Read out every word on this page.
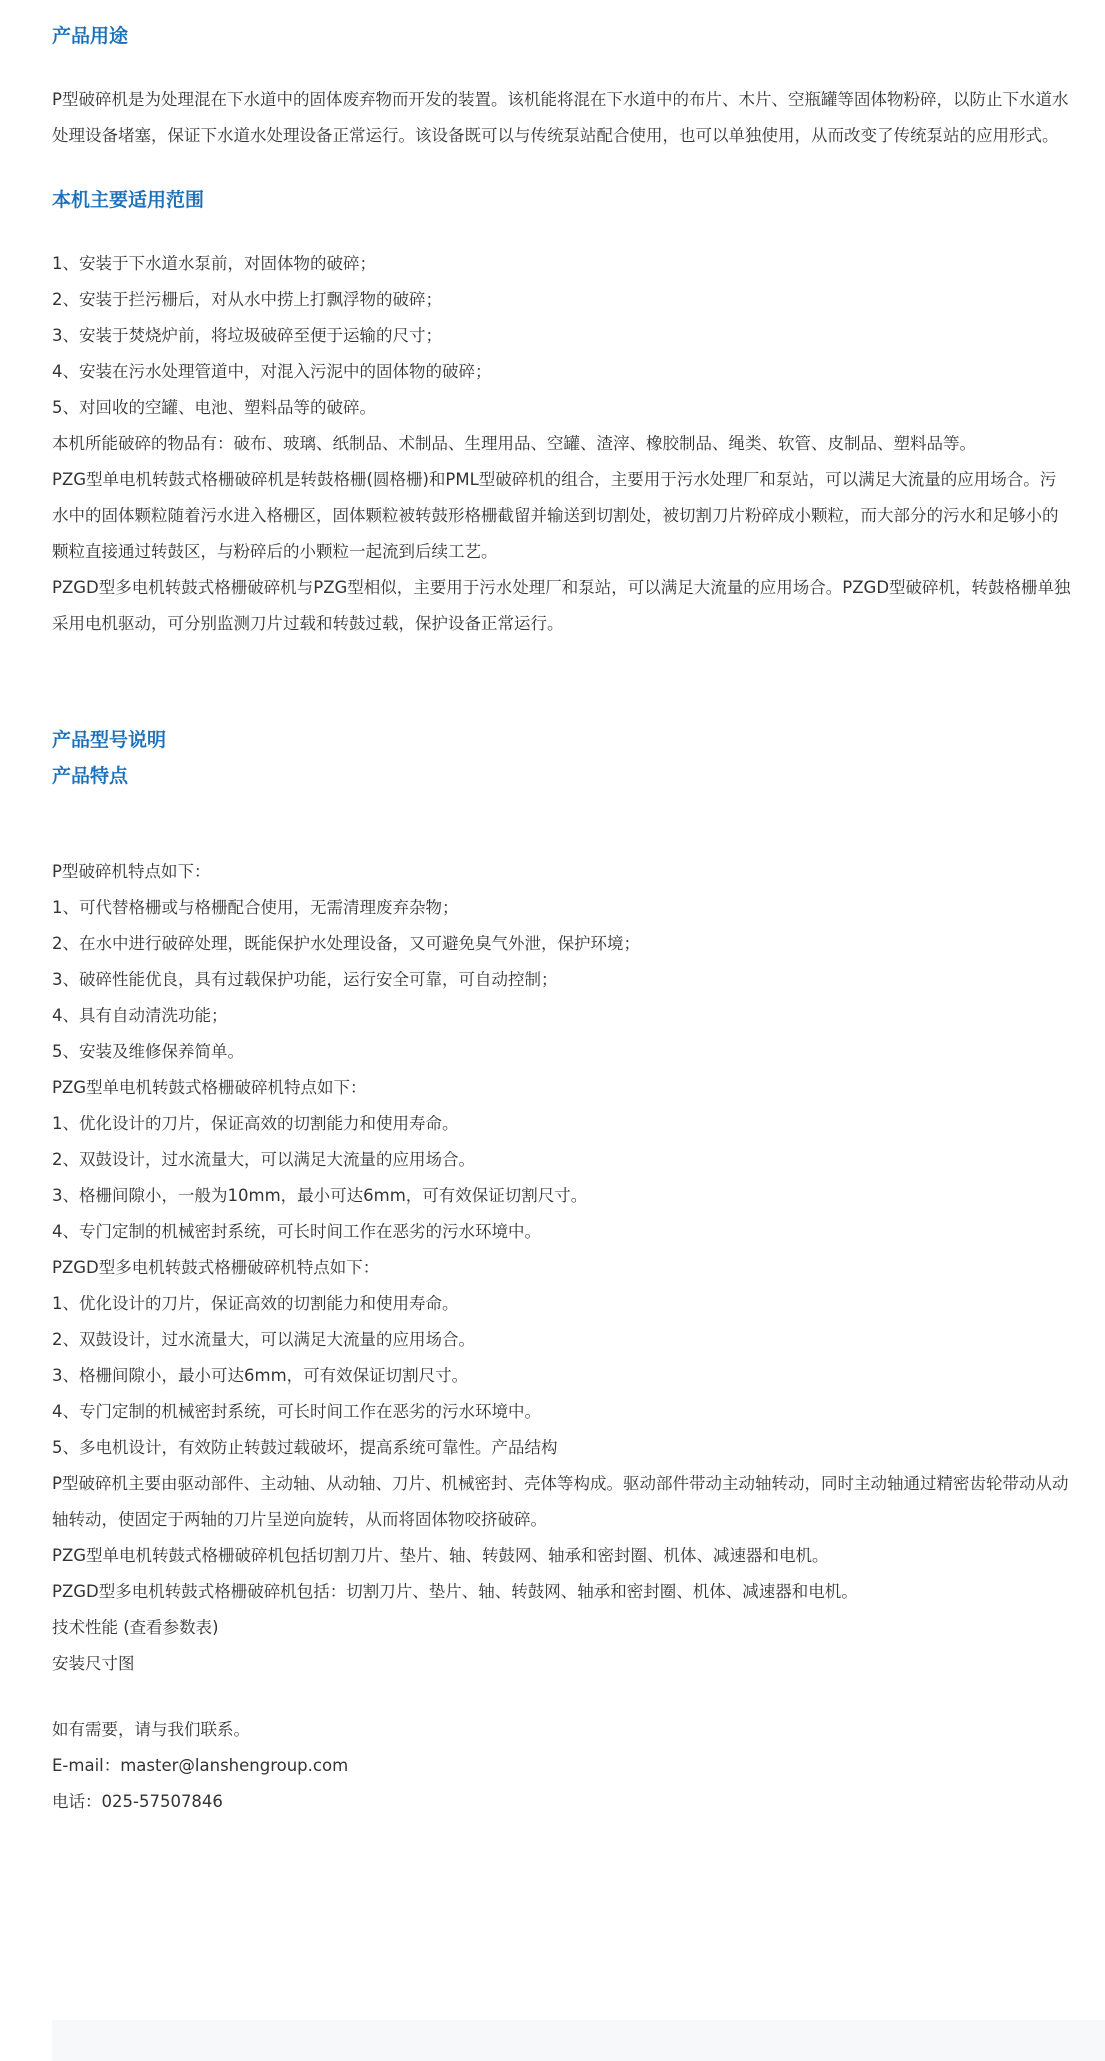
产品用途

P型破碎机是为处理混在下水道中的固体废弃物而开发的装置。该机能将混在下水道中的布片、木片、空瓶罐等固体物粉碎，以防止下水道水处理设备堵塞，保证下水道水处理设备正常运行。该设备既可以与传统泵站配合使用，也可以单独使用，从而改变了传统泵站的应用形式。

本机主要适用范围

1、安装于下水道水泵前，对固体物的破碎；

2、安装于拦污栅后，对从水中捞上打飘浮物的破碎；

3、安装于焚烧炉前，将垃圾破碎至便于运输的尺寸；

4、安装在污水处理管道中，对混入污泥中的固体物的破碎；

5、对回收的空罐、电池、塑料品等的破碎。

本机所能破碎的物品有：破布、玻璃、纸制品、术制品、生理用品、空罐、渣滓、橡胶制品、绳类、软管、皮制品、塑料品等。

PZG型单电机转鼓式格栅破碎机是转鼓格栅(圆格栅)和PML型破碎机的组合，主要用于污水处理厂和泵站，可以满足大流量的应用场合。污水中的固体颗粒随着污水进入格栅区，固体颗粒被转鼓形格栅截留并输送到切割处，被切割刀片粉碎成小颗粒，而大部分的污水和足够小的颗粒直接通过转鼓区，与粉碎后的小颗粒一起流到后续工艺。

PZGD型多电机转鼓式格栅破碎机与PZG型相似，主要用于污水处理厂和泵站，可以满足大流量的应用场合。PZGD型破碎机，转鼓格栅单独采用电机驱动，可分别监测刀片过载和转鼓过载，保护设备正常运行。

产品型号说明
产品特点

P型破碎机特点如下：

1、可代替格栅或与格栅配合使用，无需清理废弃杂物；

2、在水中进行破碎处理，既能保护水处理设备，又可避免臭气外泄，保护环境；

3、破碎性能优良，具有过载保护功能，运行安全可靠，可自动控制；

4、具有自动清洗功能；

5、安装及维修保养简单。

PZG型单电机转鼓式格栅破碎机特点如下：

1、优化设计的刀片，保证高效的切割能力和使用寿命。

2、双鼓设计，过水流量大，可以满足大流量的应用场合。

3、格栅间隙小，一般为10mm，最小可达6mm，可有效保证切割尺寸。

4、专门定制的机械密封系统，可长时间工作在恶劣的污水环境中。

PZGD型多电机转鼓式格栅破碎机特点如下：

1、优化设计的刀片，保证高效的切割能力和使用寿命。

2、双鼓设计，过水流量大，可以满足大流量的应用场合。

3、格栅间隙小，最小可达6mm，可有效保证切割尺寸。

4、专门定制的机械密封系统，可长时间工作在恶劣的污水环境中。

5、多电机设计，有效防止转鼓过载破坏，提高系统可靠性。产品结构

P型破碎机主要由驱动部件、主动轴、从动轴、刀片、机械密封、壳体等构成。驱动部件带动主动轴转动，同时主动轴通过精密齿轮带动从动轴转动，使固定于两轴的刀片呈逆向旋转，从而将固体物咬挤破碎。

PZG型单电机转鼓式格栅破碎机包括切割刀片、垫片、轴、转鼓网、轴承和密封圈、机体、减速器和电机。

PZGD型多电机转鼓式格栅破碎机包括：切割刀片、垫片、轴、转鼓网、轴承和密封圈、机体、减速器和电机。

技术性能 (查看参数表)

安装尺寸图

如有需要，请与我们联系。

E-mail：master@lanshengroup.com

电话：025-57507846
